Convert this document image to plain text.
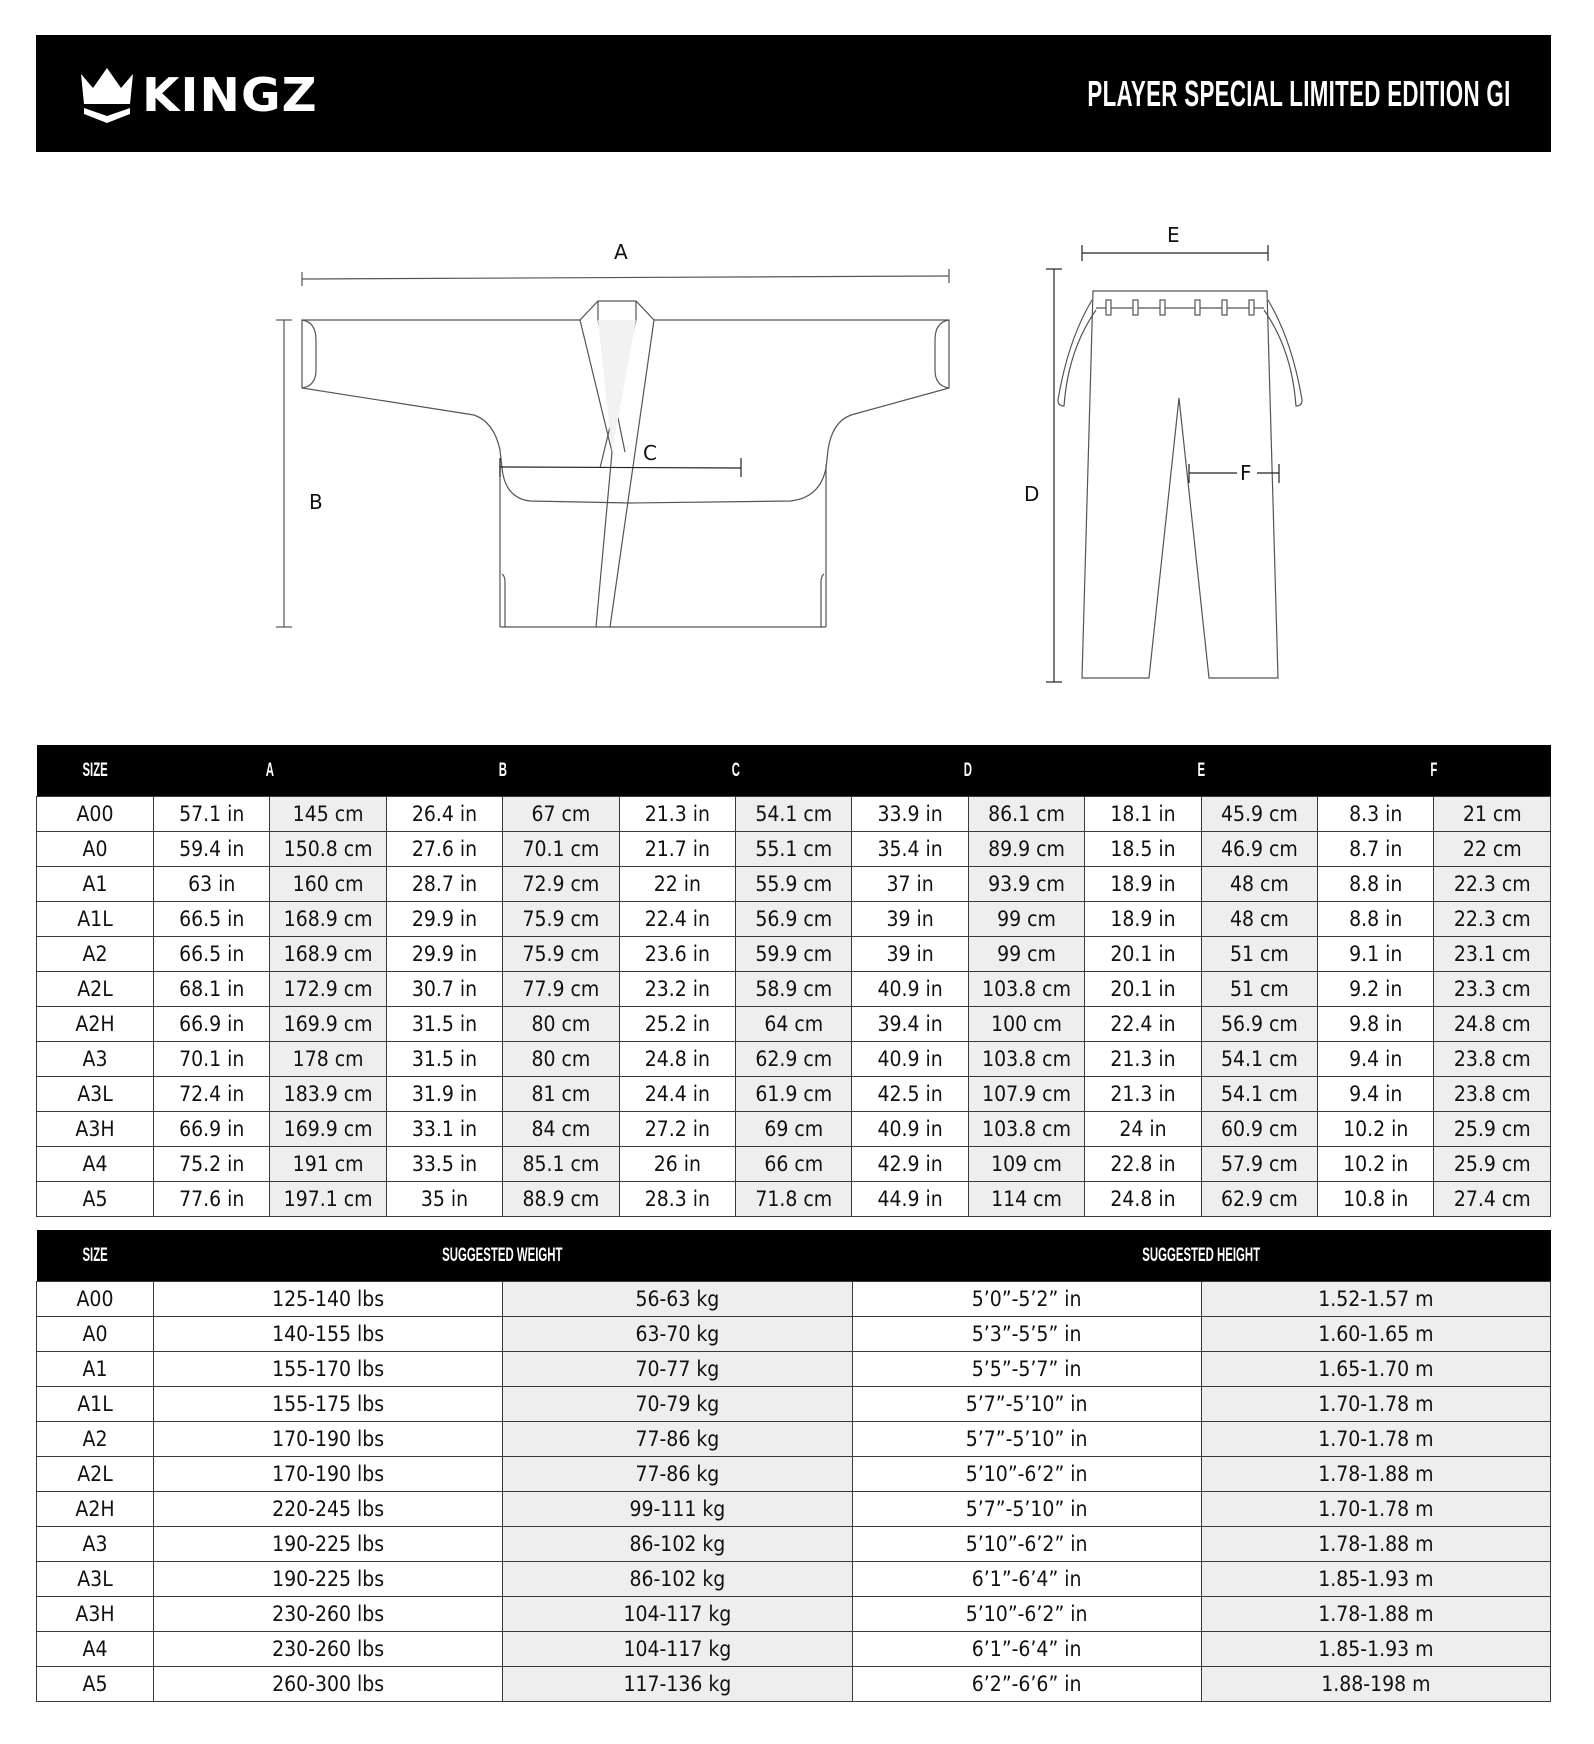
KINGZ	PLAYER SPECIAL LIMITED EDITION GI
A
B
C
D
E
F
SIZE	A		B		C		D		E		F	
A00	57.1 in	145 cm	26.4 in	67 cm	21.3 in	54.1 cm	33.9 in	86.1 cm	18.1 in	45.9 cm	8.3 in	21 cm
A0	59.4 in	150.8 cm	27.6 in	70.1 cm	21.7 in	55.1 cm	35.4 in	89.9 cm	18.5 in	46.9 cm	8.7 in	22 cm
A1	63 in	160 cm	28.7 in	72.9 cm	22 in	55.9 cm	37 in	93.9 cm	18.9 in	48 cm	8.8 in	22.3 cm
A1L	66.5 in	168.9 cm	29.9 in	75.9 cm	22.4 in	56.9 cm	39 in	99 cm	18.9 in	48 cm	8.8 in	22.3 cm
A2	66.5 in	168.9 cm	29.9 in	75.9 cm	23.6 in	59.9 cm	39 in	99 cm	20.1 in	51 cm	9.1 in	23.1 cm
A2L	68.1 in	172.9 cm	30.7 in	77.9 cm	23.2 in	58.9 cm	40.9 in	103.8 cm	20.1 in	51 cm	9.2 in	23.3 cm
A2H	66.9 in	169.9 cm	31.5 in	80 cm	25.2 in	64 cm	39.4 in	100 cm	22.4 in	56.9 cm	9.8 in	24.8 cm
A3	70.1 in	178 cm	31.5 in	80 cm	24.8 in	62.9 cm	40.9 in	103.8 cm	21.3 in	54.1 cm	9.4 in	23.8 cm
A3L	72.4 in	183.9 cm	31.9 in	81 cm	24.4 in	61.9 cm	42.5 in	107.9 cm	21.3 in	54.1 cm	9.4 in	23.8 cm
A3H	66.9 in	169.9 cm	33.1 in	84 cm	27.2 in	69 cm	40.9 in	103.8 cm	24 in	60.9 cm	10.2 in	25.9 cm
A4	75.2 in	191 cm	33.5 in	85.1 cm	26 in	66 cm	42.9 in	109 cm	22.8 in	57.9 cm	10.2 in	25.9 cm
A5	77.6 in	197.1 cm	35 in	88.9 cm	28.3 in	71.8 cm	44.9 in	114 cm	24.8 in	62.9 cm	10.8 in	27.4 cm
SIZE	SUGGESTED WEIGHT		SUGGESTED HEIGHT	
A00	125-140 lbs	56-63 kg	5’0”-5’2” in	1.52-1.57 m
A0	140-155 lbs	63-70 kg	5’3”-5’5” in	1.60-1.65 m
A1	155-170 lbs	70-77 kg	5’5”-5’7” in	1.65-1.70 m
A1L	155-175 lbs	70-79 kg	5’7”-5’10” in	1.70-1.78 m
A2	170-190 lbs	77-86 kg	5’7”-5’10” in	1.70-1.78 m
A2L	170-190 lbs	77-86 kg	5’10”-6’2” in	1.78-1.88 m
A2H	220-245 lbs	99-111 kg	5’7”-5’10” in	1.70-1.78 m
A3	190-225 lbs	86-102 kg	5’10”-6’2” in	1.78-1.88 m
A3L	190-225 lbs	86-102 kg	6’1”-6’4” in	1.85-1.93 m
A3H	230-260 lbs	104-117 kg	5’10”-6’2” in	1.78-1.88 m
A4	230-260 lbs	104-117 kg	6’1”-6’4” in	1.85-1.93 m
A5	260-300 lbs	117-136 kg	6’2”-6’6” in	1.88-198 m
